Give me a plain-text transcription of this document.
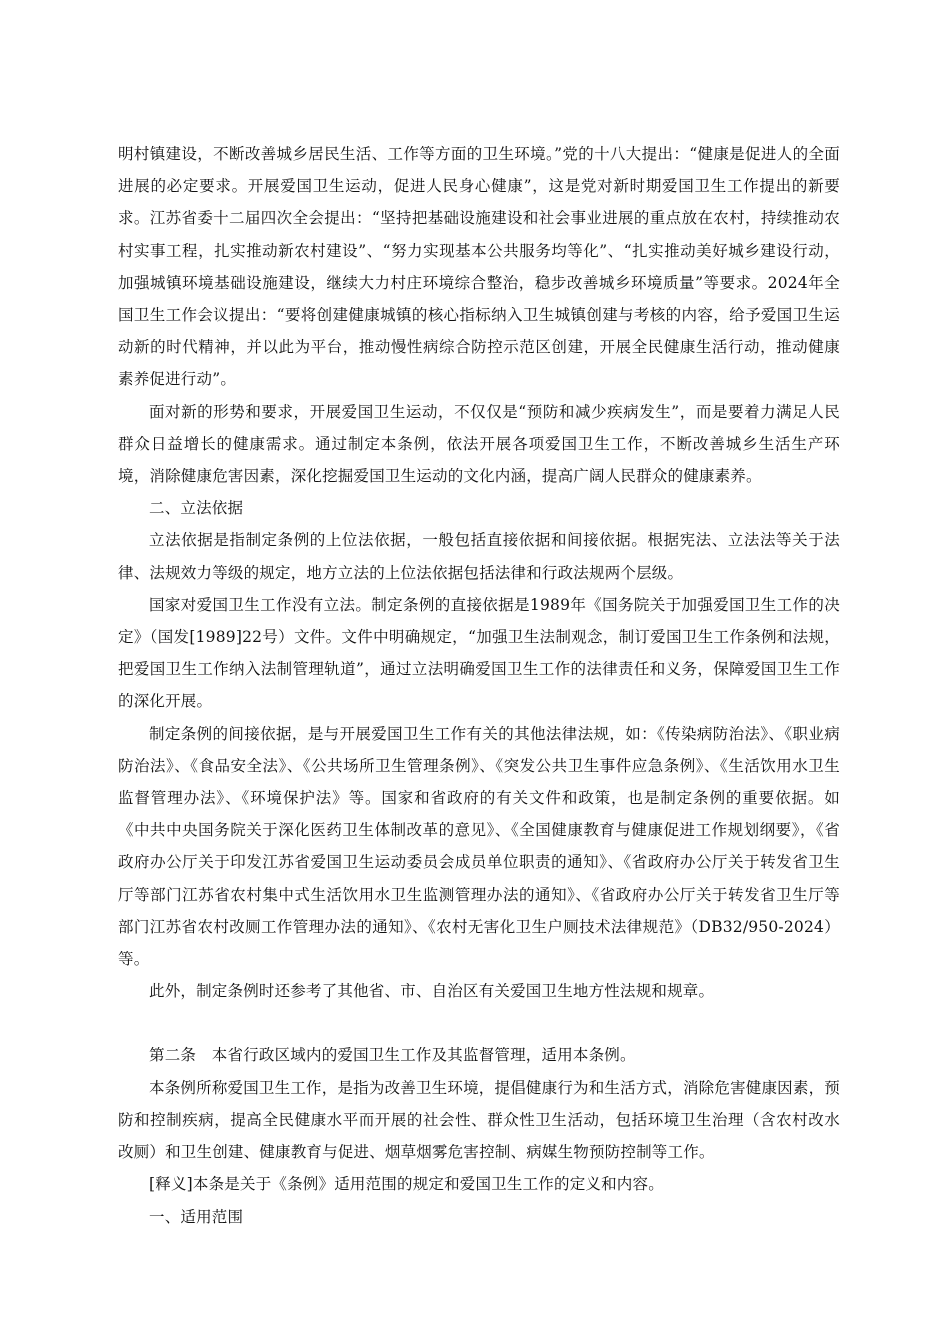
明村镇建设，不断改善城乡居民生活、工作等方面的卫生环境。”党的十八大提出：“健康是促进人的全面进展的必定要求。开展爱国卫生运动，促进人民身心健康”，这是党对新时期爱国卫生工作提出的新要求。江苏省委十二届四次全会提出：“坚持把基础设施建设和社会事业进展的重点放在农村，持续推动农村实事工程，扎实推动新农村建设”、“努力实现基本公共服务均等化”、“扎实推动美好城乡建设行动，加强城镇环境基础设施建设，继续大力村庄环境综合整治，稳步改善城乡环境质量”等要求。2024年全国卫生工作会议提出：“要将创建健康城镇的核心指标纳入卫生城镇创建与考核的内容，给予爱国卫生运动新的时代精神，并以此为平台，推动慢性病综合防控示范区创建，开展全民健康生活行动，推动健康素养促进行动”。

面对新的形势和要求，开展爱国卫生运动，不仅仅是“预防和减少疾病发生”，而是要着力满足人民群众日益增长的健康需求。通过制定本条例，依法开展各项爱国卫生工作，不断改善城乡生活生产环境，消除健康危害因素，深化挖掘爱国卫生运动的文化内涵，提高广阔人民群众的健康素养。

二、立法依据

立法依据是指制定条例的上位法依据，一般包括直接依据和间接依据。根据宪法、立法法等关于法律、法规效力等级的规定，地方立法的上位法依据包括法律和行政法规两个层级。

国家对爱国卫生工作没有立法。制定条例的直接依据是1989年《国务院关于加强爱国卫生工作的决定》（国发[1989]22号）文件。文件中明确规定，“加强卫生法制观念，制订爱国卫生工作条例和法规，把爱国卫生工作纳入法制管理轨道”，通过立法明确爱国卫生工作的法律责任和义务，保障爱国卫生工作的深化开展。

制定条例的间接依据，是与开展爱国卫生工作有关的其他法律法规，如：《传染病防治法》、《职业病防治法》、《食品安全法》、《公共场所卫生管理条例》、《突发公共卫生事件应急条例》、《生活饮用水卫生监督管理办法》、《环境保护法》等。国家和省政府的有关文件和政策，也是制定条例的重要依据。如《中共中央国务院关于深化医药卫生体制改革的意见》、《全国健康教育与健康促进工作规划纲要》，《省政府办公厅关于印发江苏省爱国卫生运动委员会成员单位职责的通知》、《省政府办公厅关于转发省卫生厅等部门江苏省农村集中式生活饮用水卫生监测管理办法的通知》、《省政府办公厅关于转发省卫生厅等部门江苏省农村改厕工作管理办法的通知》、《农村无害化卫生户厕技术法律规范》（DB32/950-2024）等。

此外，制定条例时还参考了其他省、市、自治区有关爱国卫生地方性法规和规章。

第二条　本省行政区域内的爱国卫生工作及其监督管理，适用本条例。

本条例所称爱国卫生工作，是指为改善卫生环境，提倡健康行为和生活方式，消除危害健康因素，预防和控制疾病，提高全民健康水平而开展的社会性、群众性卫生活动，包括环境卫生治理（含农村改水改厕）和卫生创建、健康教育与促进、烟草烟雾危害控制、病媒生物预防控制等工作。

[释义]本条是关于《条例》适用范围的规定和爱国卫生工作的定义和内容。

一、适用范围
